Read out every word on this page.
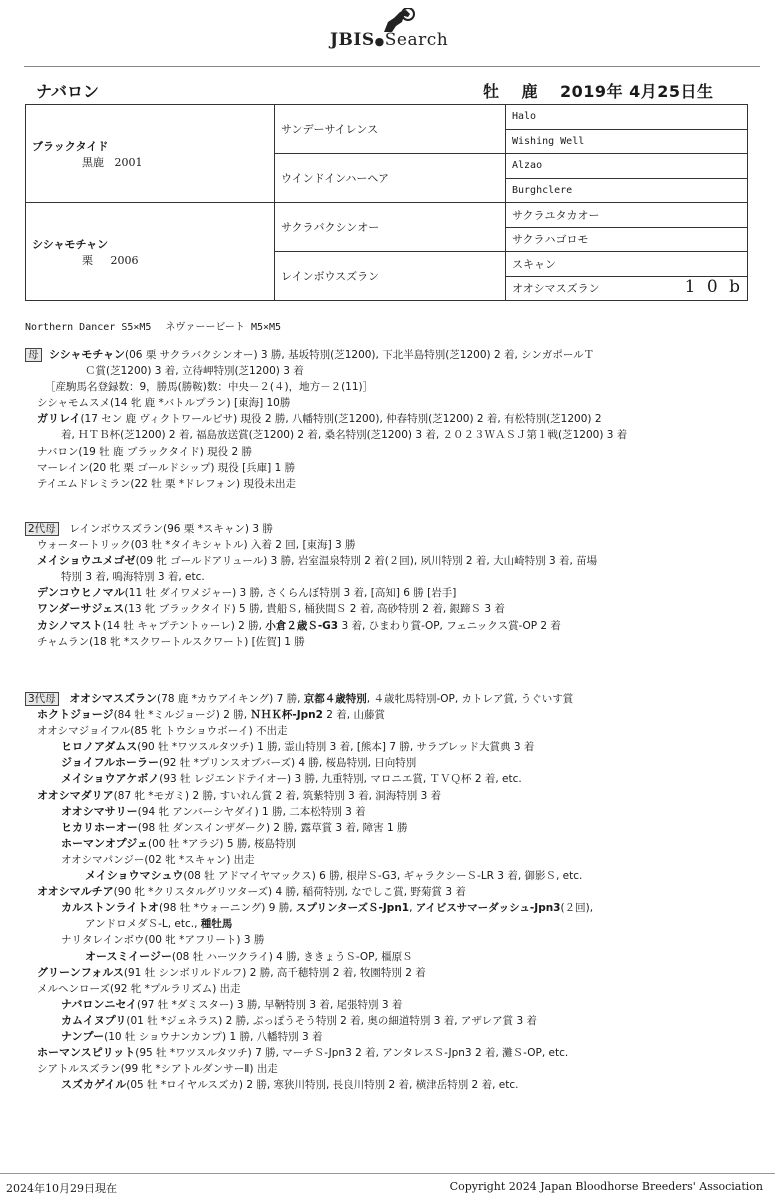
JBIS●Search
ナバロン	牡 鹿 2019年 4月25日生
ブラックタイド
黒鹿 2001	サンデーサイレンス	Halo
		Wishing Well
	ウインドインハーヘア	Alzao
		Burghclere

シシャモチャン
栗 2006	サクラバクシンオー	サクラユタカオー
		サクラハゴロモ
	レインボウスズラン	スキャン
		オオシマスズラン 1 0 b
Northern Dancer S5×M5 ネヴァーービート M5×M5
母 シシャモチャン(06 栗 サクラバクシンオー) 3 勝, 基坂特別(芝1200), 下北半島特別(芝1200) 2 着, シンガポールＴ
Ｃ賞(芝1200) 3 着, 立待岬特別(芝1200) 3 着
［産駒馬名登録数：9，勝馬(勝鞍)数：中央－２(４)，地方－２(11)］
シシャモムスメ(14 牝 鹿 *バトルプラン) [東海] 10勝
ガリレイ(17 セン 鹿 ヴィクトワールピサ) 現役 2 勝, 八幡特別(芝1200), 仲春特別(芝1200) 2 着, 有松特別(芝1200) 2
着, ＨＴＢ杯(芝1200) 2 着, 福島放送賞(芝1200) 2 着, 桑名特別(芝1200) 3 着, ２０２３ＷＡＳＪ第１戦(芝1200) 3 着
ナバロン(19 牡 鹿 ブラックタイド) 現役 2 勝
マーレイン(20 牝 栗 ゴールドシップ) 現役 [兵庫] 1 勝
テイエムドレミラン(22 牡 栗 *ドレフォン) 現役未出走
2代母  レインボウスズラン(96 栗 *スキャン) 3 勝
ウォータートリック(03 牡 *タイキシャトル) 入着 2 回, [東海] 3 勝
メイショウユメゴゼ(09 牝 ゴールドアリュール) 3 勝, 岩室温泉特別 2 着(２回), 夙川特別 2 着, 大山崎特別 3 着, 苗場
特別 3 着, 鳴海特別 3 着, etc.
デンコウヒノマル(11 牡 ダイワメジャー) 3 勝, さくらんぼ特別 3 着, [高知] 6 勝 [岩手]
ワンダーサジェス(13 牝 ブラックタイド) 5 勝, 貴船Ｓ, 桶狭間Ｓ 2 着, 高砂特別 2 着, 銀蹄Ｓ 3 着
カシノマスト(14 牡 キャプテントゥーレ) 2 勝, 小倉２歳Ｓ-G3 3 着, ひまわり賞-OP, フェニックス賞-OP 2 着
チャムラン(18 牝 *スクワートルスクワート) [佐賀] 1 勝
3代母 オオシマスズラン(78 鹿 *カウアイキング) 7 勝, 京都４歳特別, ４歳牝馬特別-OP, カトレア賞, うぐいす賞
ホクトジョージ(84 牡 *ミルジョージ) 2 勝, ＮＨＫ杯-Jpn2 2 着, 山藤賞
オオシマジョイフル(85 牝 トウショウボーイ) 不出走
ヒロノアダムス(90 牡 *ワツスルタツチ) 1 勝, 霊山特別 3 着, [熊本] 7 勝, サラブレッド大賞典 3 着
ジョイフルホーラー(92 牡 *プリンスオブバーズ) 4 勝, 桜島特別, 日向特別
メイショウアケボノ(93 牡 レジエンドテイオー) 3 勝, 九重特別, マロニエ賞, ＴＶＱ杯 2 着, etc.
オオシマダリア(87 牝 *モガミ) 2 勝, すいれん賞 2 着, 筑紫特別 3 着, 洞海特別 3 着
オオシマサリー(94 牝 アンバーシヤダイ) 1 勝, 二本松特別 3 着
ヒカリホーオー(98 牡 ダンスインザダーク) 2 勝, 露草賞 3 着, 障害 1 勝
ホーマンオプジェ(00 牡 *アラジ) 5 勝, 桜島特別
オオシマパンジー(02 牝 *スキャン) 出走
メイショウマシュウ(08 牡 アドマイヤマックス) 6 勝, 根岸Ｓ-G3, ギャラクシーＳ-LR 3 着, 御影Ｓ, etc.
オオシマルチア(90 牝 *クリスタルグリツターズ) 4 勝, 稲荷特別, なでしこ賞, 野菊賞 3 着
カルストンライトオ(98 牡 *ウォーニング) 9 勝, スプリンターズＳ-Jpn1, アイビスサマーダッシュ-Jpn3(２回),
アンドロメダＳ-L, etc., 種牡馬
ナリタレインボウ(00 牝 *アフリート) 3 勝
オースミイージー(08 牡 ハーツクライ) 4 勝, ききょうＳ-OP, 橿原Ｓ
グリーンフォルス(91 牡 シンボリルドルフ) 2 勝, 高千穂特別 2 着, 牧園特別 2 着
メルヘンローズ(92 牝 *プルラリズム) 出走
ナバロンニセイ(97 牡 *ダミスター) 3 勝, 早鞆特別 3 着, 尾張特別 3 着
カムイヌプリ(01 牡 *ジェネラス) 2 勝, ぶっぽうそう特別 2 着, 奥の細道特別 3 着, アザレア賞 3 着
ナンプー(10 牡 ショウナンカンプ) 1 勝, 八幡特別 3 着
ホーマンスピリット(95 牡 *ワツスルタツチ) 7 勝, マーチＳ-Jpn3 2 着, アンタレスＳ-Jpn3 2 着, 灘Ｓ-OP, etc.
シアトルスズラン(99 牝 *シアトルダンサーⅡ) 出走
スズカゲイル(05 牡 *ロイヤルスズカ) 2 勝, 寒狭川特別, 長良川特別 2 着, 横津岳特別 2 着, etc.
2024年10月29日現在	Copyright 2024 Japan Bloodhorse Breeders' Association
